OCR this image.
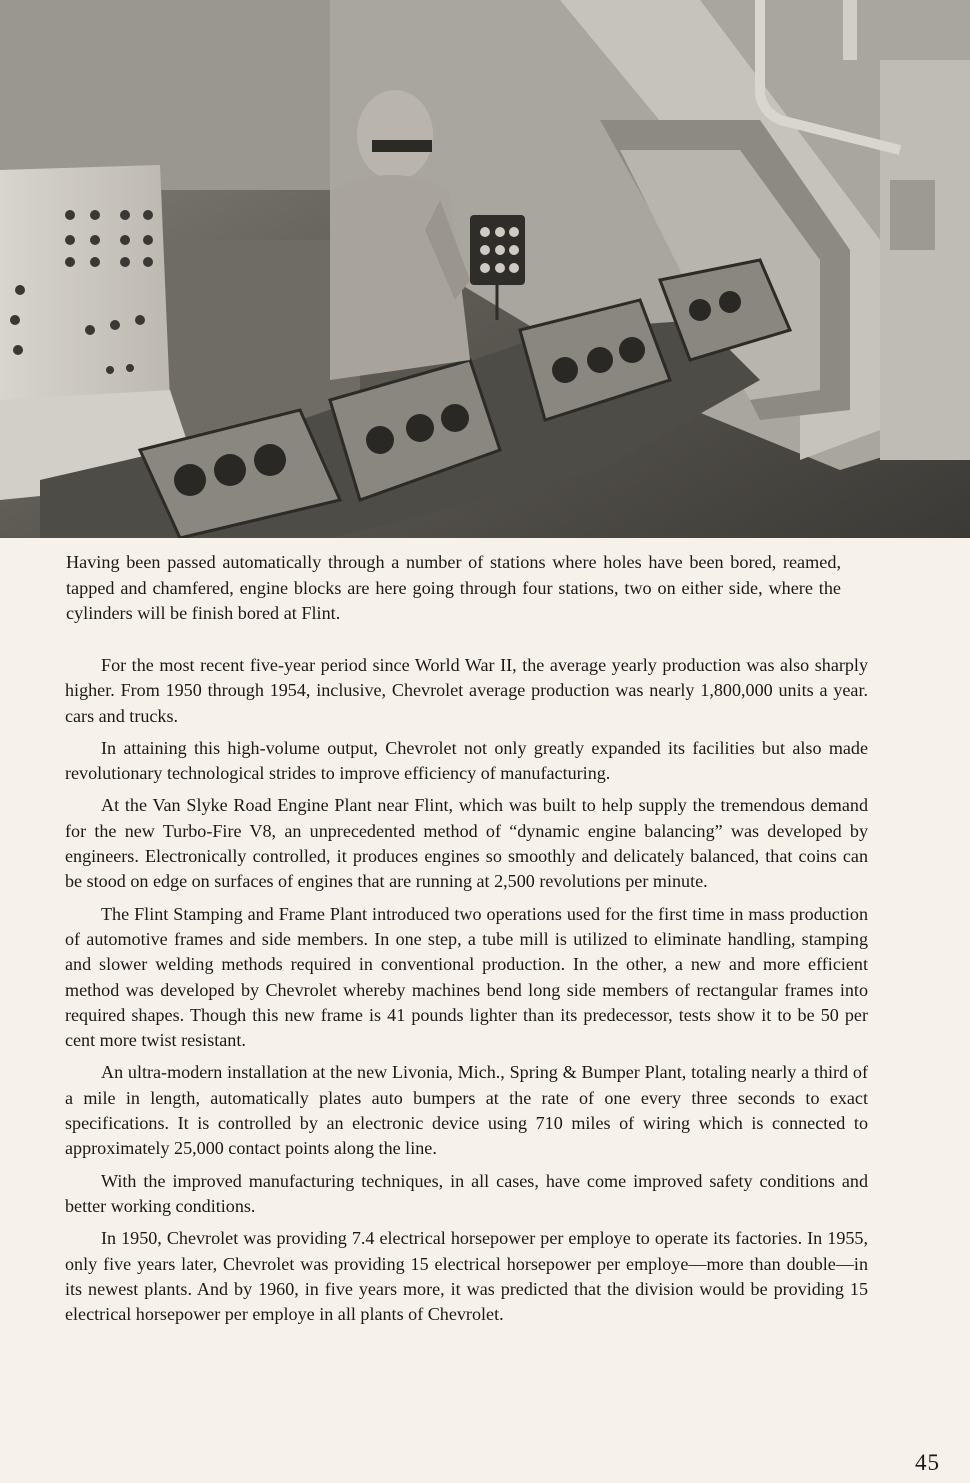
Having been passed automatically through a number of stations where holes have been bored, reamed, tapped and chamfered, engine blocks are here going through four stations, two on either side, where the cylinders will be finish bored at Flint.

For the most recent five-year period since World War II, the average yearly production was also sharply higher. From 1950 through 1954, inclusive, Chevrolet average production was nearly 1,800,000 units a year. cars and trucks.

In attaining this high-volume output, Chevrolet not only greatly expanded its facilities but also made revolutionary technological strides to improve efficiency of manufacturing.

At the Van Slyke Road Engine Plant near Flint, which was built to help supply the tremendous demand for the new Turbo-Fire V8, an unprecedented method of “dynamic engine balancing” was developed by engineers. Electronically controlled, it produces engines so smoothly and delicately balanced, that coins can be stood on edge on surfaces of engines that are running at 2,500 revolutions per minute.

The Flint Stamping and Frame Plant introduced two operations used for the first time in mass production of automotive frames and side members. In one step, a tube mill is utilized to eliminate handling, stamping and slower welding methods required in conventional production. In the other, a new and more efficient method was developed by Chevrolet whereby machines bend long side members of rectangular frames into required shapes. Though this new frame is 41 pounds lighter than its predecessor, tests show it to be 50 per cent more twist resistant.

An ultra-modern installation at the new Livonia, Mich., Spring & Bumper Plant, totaling nearly a third of a mile in length, automatically plates auto bumpers at the rate of one every three seconds to exact specifications. It is controlled by an electronic device using 710 miles of wiring which is connected to approximately 25,000 contact points along the line.

With the improved manufacturing techniques, in all cases, have come improved safety conditions and better working conditions.

In 1950, Chevrolet was providing 7.4 electrical horsepower per employe to operate its factories. In 1955, only five years later, Chevrolet was providing 15 electrical horsepower per employe—more than double—in its newest plants. And by 1960, in five years more, it was predicted that the division would be providing 15 electrical horsepower per employe in all plants of Chevrolet.

45
